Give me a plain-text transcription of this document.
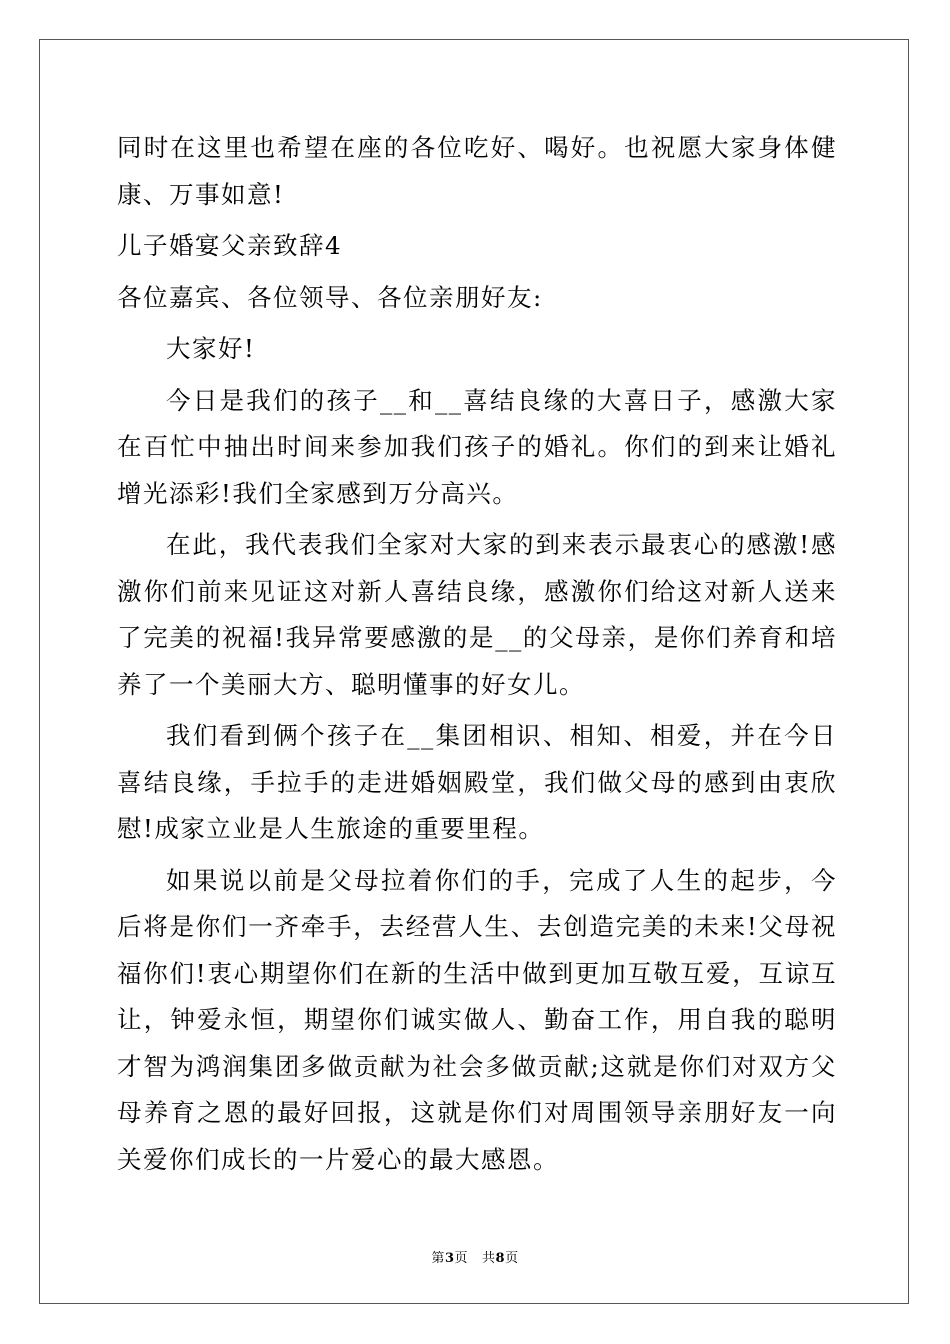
同时在这里也希望在座的各位吃好、喝好。也祝愿大家身体健康、万事如意!

儿子婚宴父亲致辞4

各位嘉宾、各位领导、各位亲朋好友:

大家好!

今日是我们的孩子__和__喜结良缘的大喜日子，感激大家在百忙中抽出时间来参加我们孩子的婚礼。你们的到来让婚礼增光添彩!我们全家感到万分高兴。

在此，我代表我们全家对大家的到来表示最衷心的感激!感激你们前来见证这对新人喜结良缘，感激你们给这对新人送来了完美的祝福!我异常要感激的是__的父母亲，是你们养育和培养了一个美丽大方、聪明懂事的好女儿。

我们看到俩个孩子在__集团相识、相知、相爱，并在今日喜结良缘，手拉手的走进婚姻殿堂，我们做父母的感到由衷欣慰!成家立业是人生旅途的重要里程。

如果说以前是父母拉着你们的手，完成了人生的起步，今后将是你们一齐牵手，去经营人生、去创造完美的未来!父母祝福你们!衷心期望你们在新的生活中做到更加互敬互爱，互谅互让，钟爱永恒，期望你们诚实做人、勤奋工作，用自我的聪明才智为鸿润集团多做贡献为社会多做贡献;这就是你们对双方父母养育之恩的最好回报，这就是你们对周围领导亲朋好友一向关爱你们成长的一片爱心的最大感恩。

第3页 共8页
